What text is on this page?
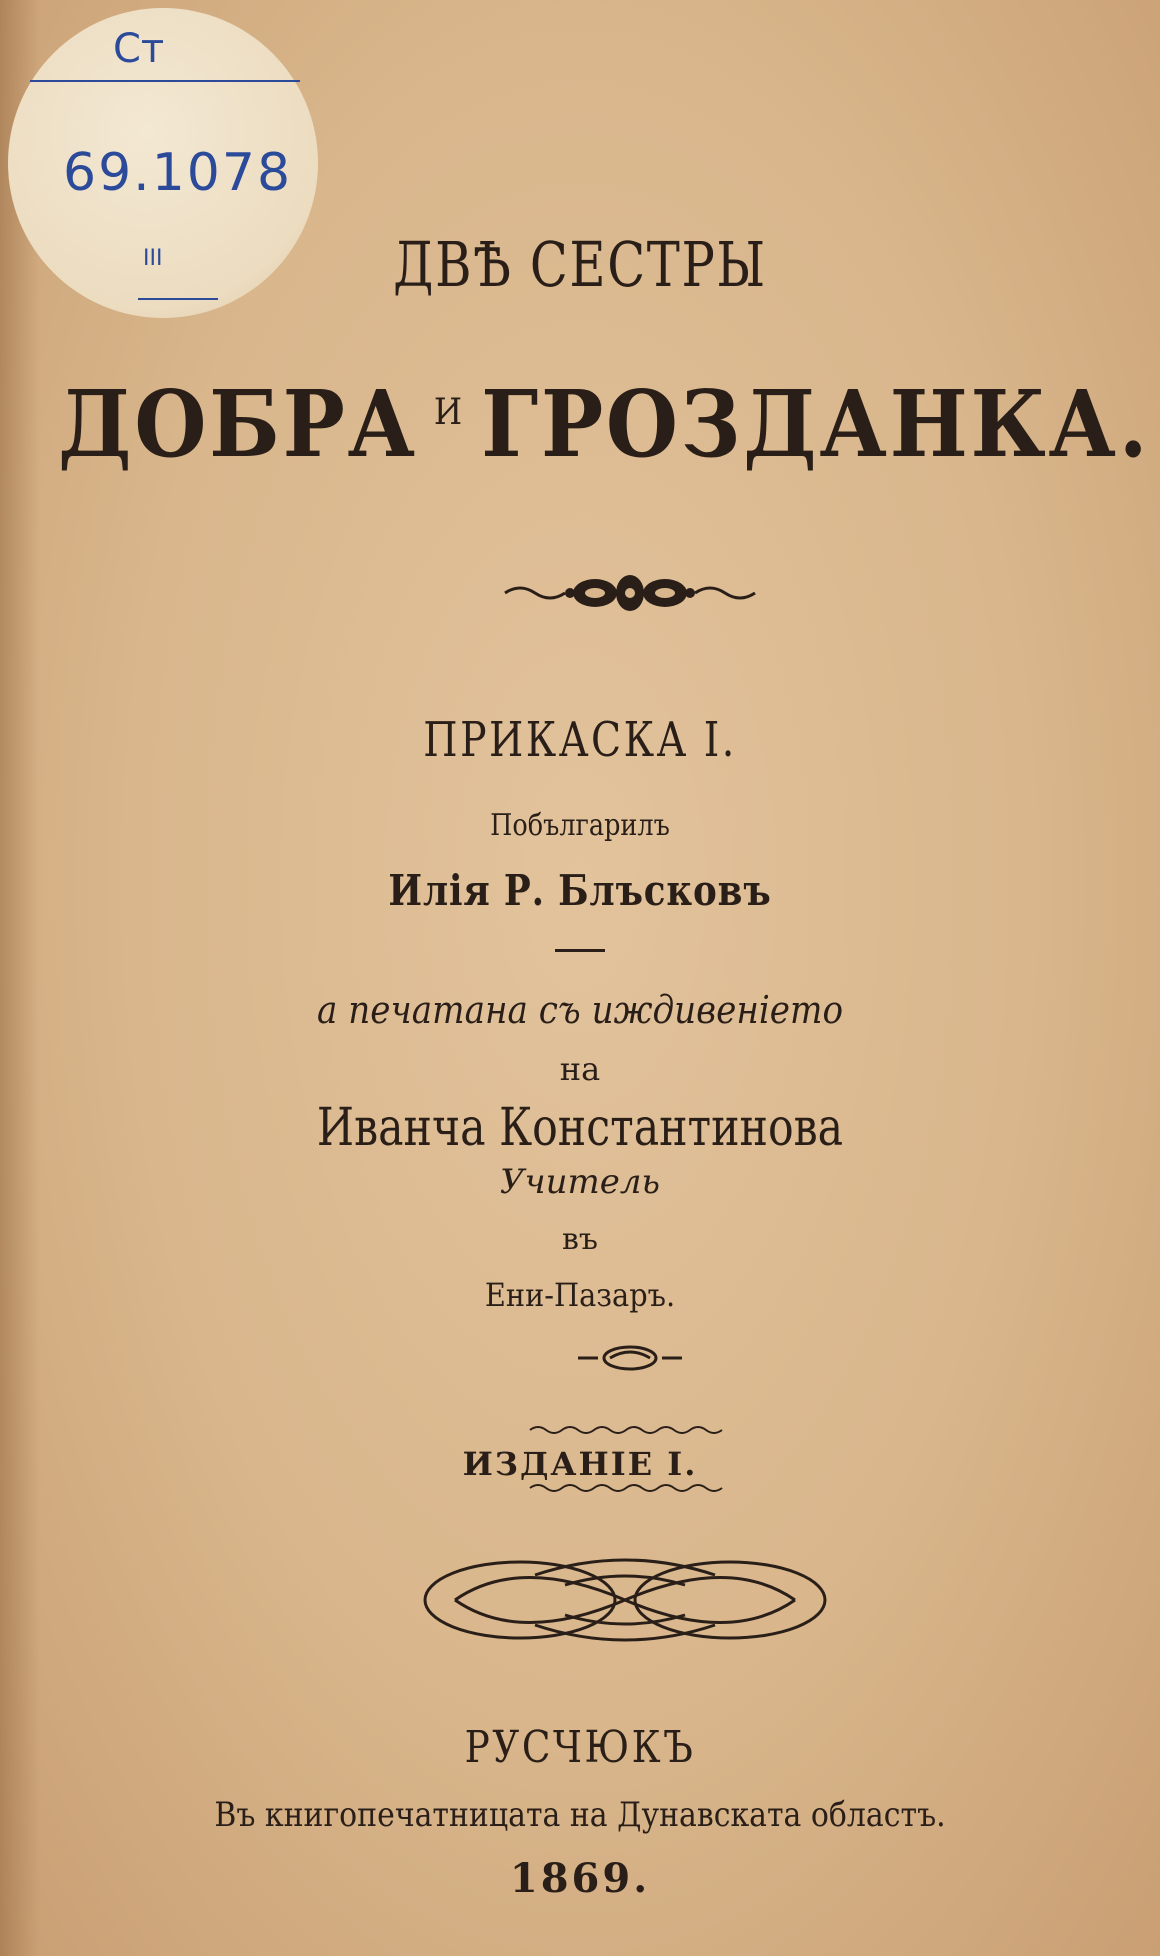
Ст
69.1078
III	ДВѢ СЕСТРЫ
ДОБРА $^И$ ГРОЗДАНКА.
ПРИКАСКА I.
Побългарилъ
Илія Р. Блъсковъ
а печатана съ иждивеніето
на
Иванча Константинова
Учитель
въ
Ени-Пазаръ.
ИЗДАНІЕ I.
РУСЧЮКЪ
Въ книгопечатницата на Дунавската областъ.
1869.
